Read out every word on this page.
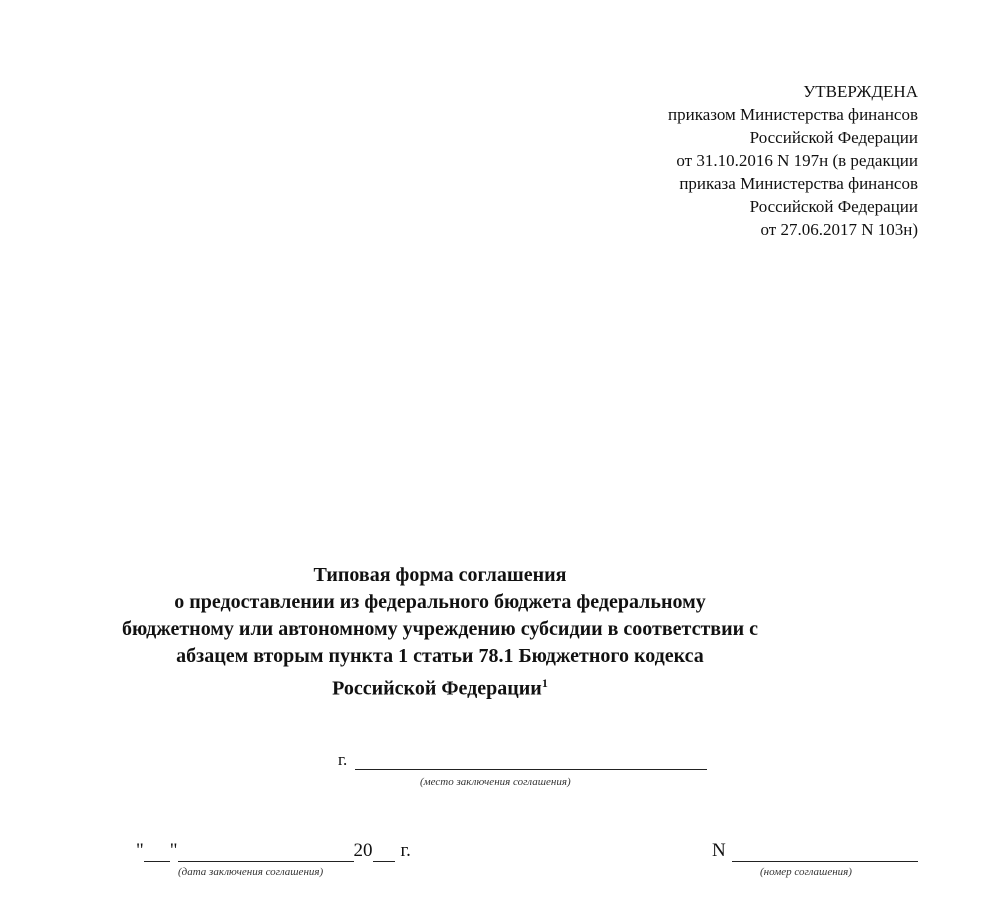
УТВЕРЖДЕНА
приказом Министерства финансов
Российской Федерации
от 31.10.2016 N 197н (в редакции
приказа Министерства финансов
Российской Федерации
от 27.06.2017 N 103н)
Типовая форма соглашения
о предоставлении из федерального бюджета федеральному
бюджетному или автономному учреждению субсидии в соответствии с
абзацем вторым пункта 1 статьи 78.1 Бюджетного кодекса
Российской Федерации$^1$
г.
(место заключения соглашения)
" "	20 г.
(дата заключения соглашения)
N
(номер соглашения)
